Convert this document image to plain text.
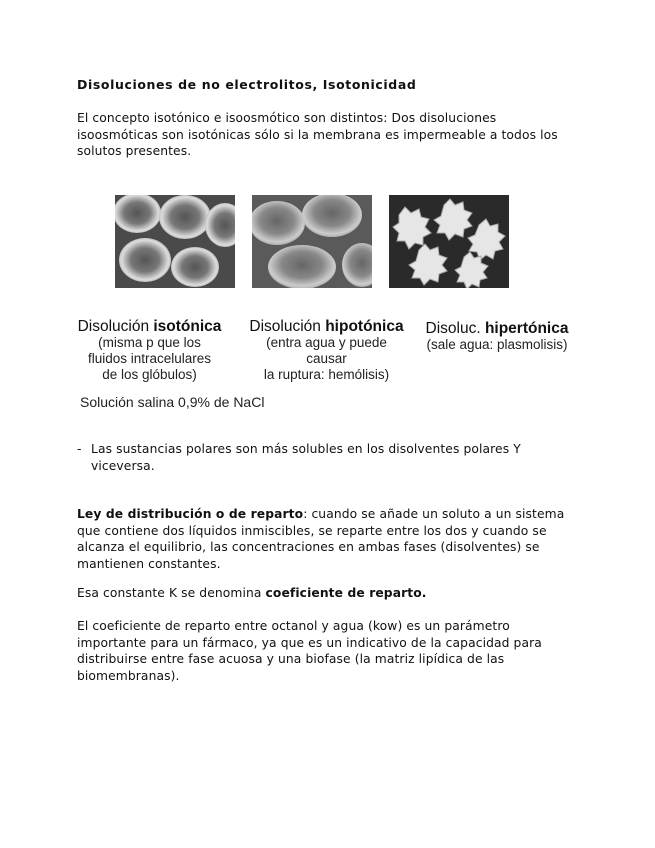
Disoluciones de no electrolitos, Isotonicidad
El concepto isotónico e isoosmótico son distintos: Dos disoluciones isoosmóticas son isotónicas sólo si la membrana es impermeable a todos los solutos presentes.
Disolución isotónica
(misma p que los
fluidos intracelulares
de los glóbulos)
Disolución hipotónica
(entra agua y puede
causar
la ruptura: hemólisis)
Disoluc. hipertónica
(sale agua: plasmolisis)
Solución salina 0,9% de NaCl
- Las sustancias polares son más solubles en los disolventes polares Y viceversa.
Ley de distribución o de reparto: cuando se añade un soluto a un sistema que contiene dos líquidos inmiscibles, se reparte entre los dos y cuando se alcanza el equilibrio, las concentraciones en ambas fases (disolventes) se mantienen constantes.
Esa constante K se denomina coeficiente de reparto.
El coeficiente de reparto entre octanol y agua (kow) es un parámetro importante para un fármaco, ya que es un indicativo de la capacidad para distribuirse entre fase acuosa y una biofase (la matriz lipídica de las biomembranas).
